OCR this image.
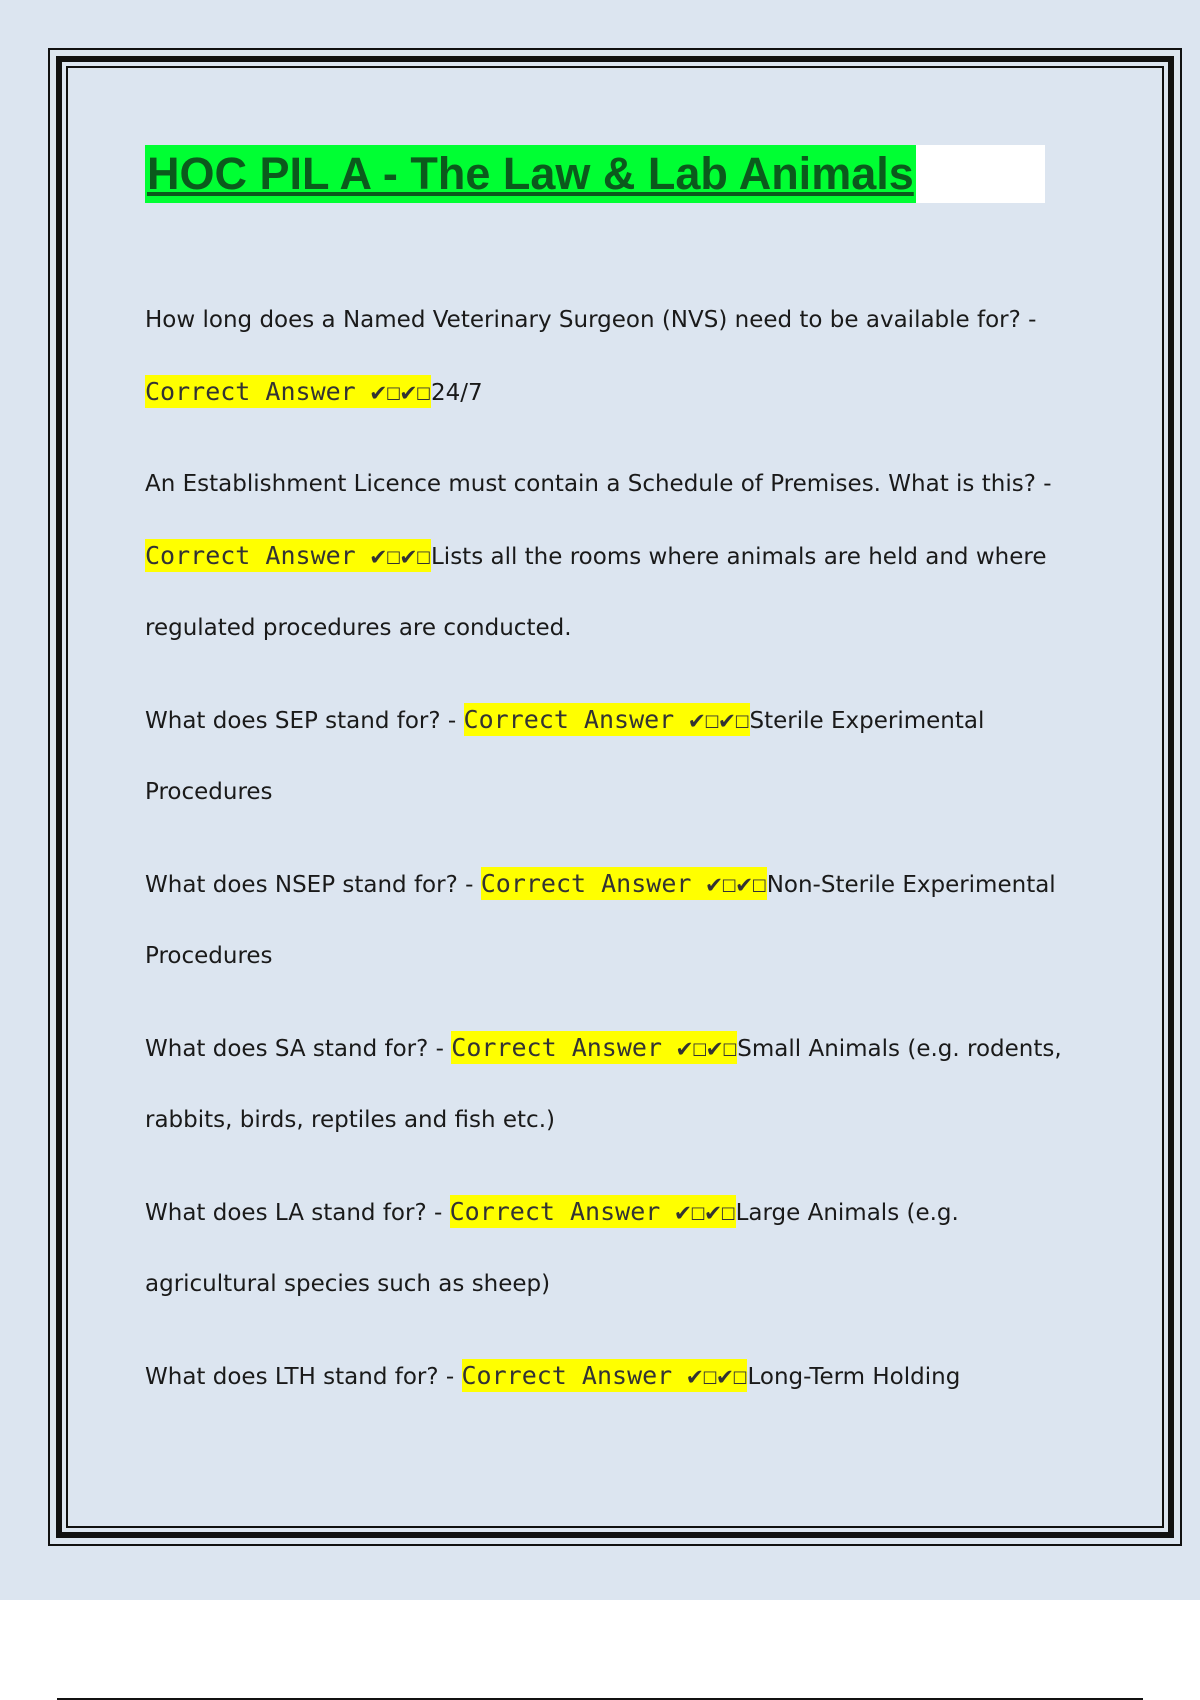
HOC PIL A - The Law & Lab Animals
How long does a Named Veterinary Surgeon (NVS) need to be available for? - Correct Answer ✔☐✔☐24/7
An Establishment Licence must contain a Schedule of Premises. What is this? - Correct Answer ✔☐✔☐Lists all the rooms where animals are held and where regulated procedures are conducted.
What does SEP stand for? - Correct Answer ✔☐✔☐Sterile Experimental Procedures
What does NSEP stand for? - Correct Answer ✔☐✔☐Non-Sterile Experimental Procedures
What does SA stand for? - Correct Answer ✔☐✔☐Small Animals (e.g. rodents, rabbits, birds, reptiles and fish etc.)
What does LA stand for? - Correct Answer ✔☐✔☐Large Animals (e.g. agricultural species such as sheep)
What does LTH stand for? - Correct Answer ✔☐✔☐Long-Term Holding
